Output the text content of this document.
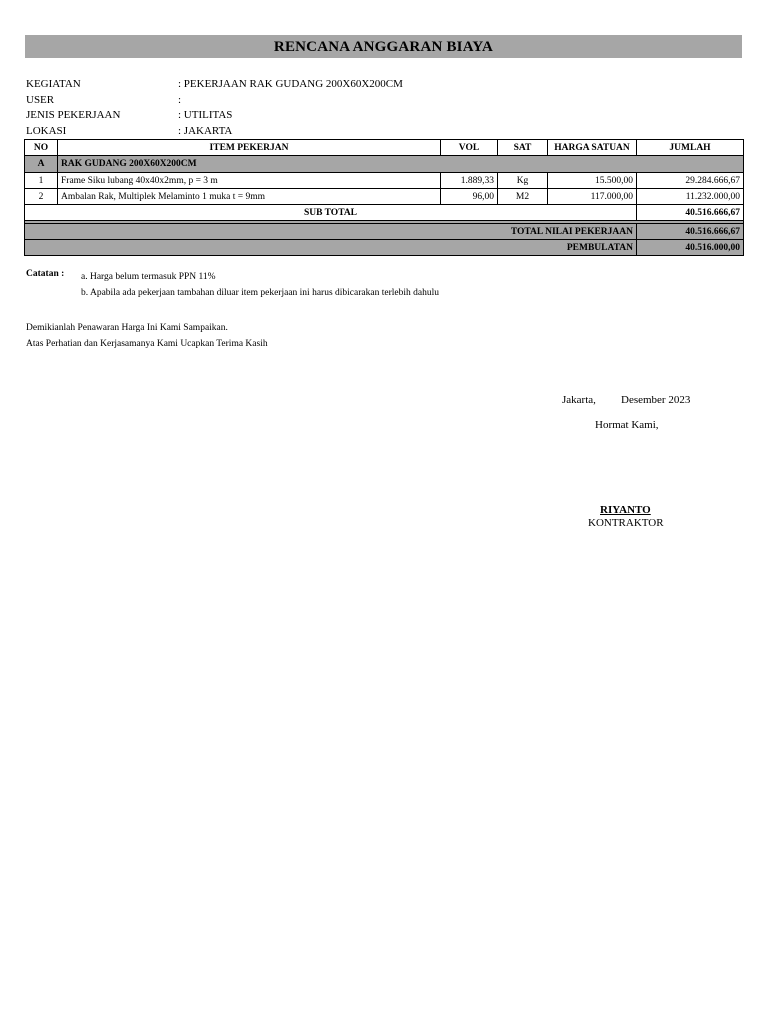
RENCANA ANGGARAN BIAYA
KEGIATAN	: PEKERJAAN RAK GUDANG 200X60X200CM
USER	:
JENIS PEKERJAAN	: UTILITAS
LOKASI	: JAKARTA
NO	ITEM PEKERJAN	VOL	SAT	HARGA SATUAN	JUMLAH
A	RAK GUDANG 200X60X200CM				
1	Frame Siku lubang 40x40x2mm, p = 3 m	1.889,33	Kg	15.500,00	29.284.666,67
2	Ambalan Rak, Multiplek Melaminto 1 muka t = 9mm	96,00	M2	117.000,00	11.232.000,00
SUB TOTAL					40.516.666,67

TOTAL NILAI PEKERJAAN					40.516.666,67
PEMBULATAN					40.516.000,00
Catatan : a. Harga belum termasuk PPN 11%
b. Apabila ada pekerjaan tambahan diluar item pekerjaan ini harus dibicarakan terlebih dahulu
Demikianlah Penawaran Harga Ini Kami Sampaikan.
Atas Perhatian dan Kerjasamanya Kami Ucapkan Terima Kasih
Jakarta, Desember 2023
Hormat Kami,
RIYANTO
KONTRAKTOR
